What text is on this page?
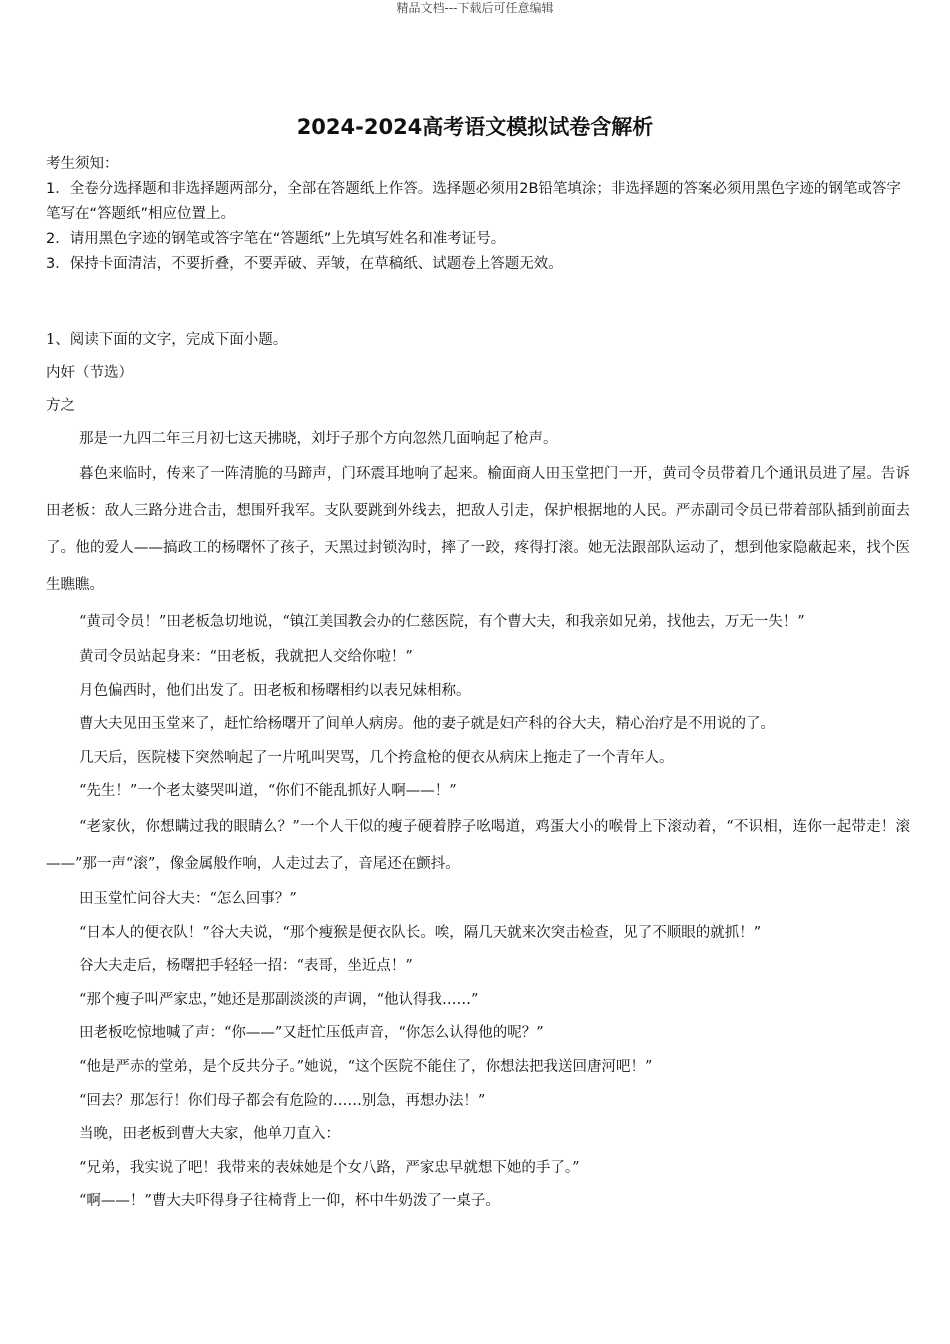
精品文档---下载后可任意编辑
2024-2024高考语文模拟试卷含解析

考生须知：

1．全卷分选择题和非选择题两部分，全部在答题纸上作答。选择题必须用2B铅笔填涂；非选择题的答案必须用黑色字迹的钢笔或答字笔写在“答题纸”相应位置上。

2．请用黑色字迹的钢笔或答字笔在“答题纸”上先填写姓名和准考证号。

3．保持卡面清洁，不要折叠，不要弄破、弄皱，在草稿纸、试题卷上答题无效。

1、阅读下面的文字，完成下面小题。
内奸（节选）
方之
那是一九四二年三月初七这天拂晓，刘圩子那个方向忽然几面响起了枪声。
暮色来临时，传来了一阵清脆的马蹄声，门环震耳地响了起来。榆面商人田玉堂把门一开，黄司令员带着几个通讯员进了屋。告诉田老板：敌人三路分进合击，想围歼我军。支队要跳到外线去，把敌人引走，保护根据地的人民。严赤副司令员已带着部队插到前面去了。他的爱人——搞政工的杨曙怀了孩子，天黑过封锁沟时，摔了一跤，疼得打滚。她无法跟部队运动了，想到他家隐蔽起来，找个医生瞧瞧。
“黄司令员！”田老板急切地说，“镇江美国教会办的仁慈医院，有个曹大夫，和我亲如兄弟，找他去，万无一失！”
黄司令员站起身来：“田老板，我就把人交给你啦！”
月色偏西时，他们出发了。田老板和杨曙相约以表兄妹相称。
曹大夫见田玉堂来了，赶忙给杨曙开了间单人病房。他的妻子就是妇产科的谷大夫，精心治疗是不用说的了。
几天后，医院楼下突然响起了一片吼叫哭骂，几个挎盒枪的便衣从病床上拖走了一个青年人。
“先生！”一个老太婆哭叫道，“你们不能乱抓好人啊——！”
“老家伙，你想瞒过我的眼睛么？”一个人干似的瘦子硬着脖子吆喝道，鸡蛋大小的喉骨上下滚动着，“不识相，连你一起带走！滚——”那一声“滚”，像金属般作响，人走过去了，音尾还在颤抖。
田玉堂忙问谷大夫：“怎么回事？”
“日本人的便衣队！”谷大夫说，“那个瘦猴是便衣队长。唉，隔几天就来次突击检查，见了不顺眼的就抓！”
谷大夫走后，杨曙把手轻轻一招：“表哥，坐近点！”
“那个瘦子叫严家忠，”她还是那副淡淡的声调，“他认得我……”
田老板吃惊地喊了声：“你——”又赶忙压低声音，“你怎么认得他的呢？”
“他是严赤的堂弟，是个反共分子。”她说，“这个医院不能住了，你想法把我送回唐河吧！”
“回去？那怎行！你们母子都会有危险的……别急，再想办法！”
当晚，田老板到曹大夫家，他单刀直入：
“兄弟，我实说了吧！我带来的表妹她是个女八路，严家忠早就想下她的手了。”
“啊——！”曹大夫吓得身子往椅背上一仰，杯中牛奶泼了一桌子。
